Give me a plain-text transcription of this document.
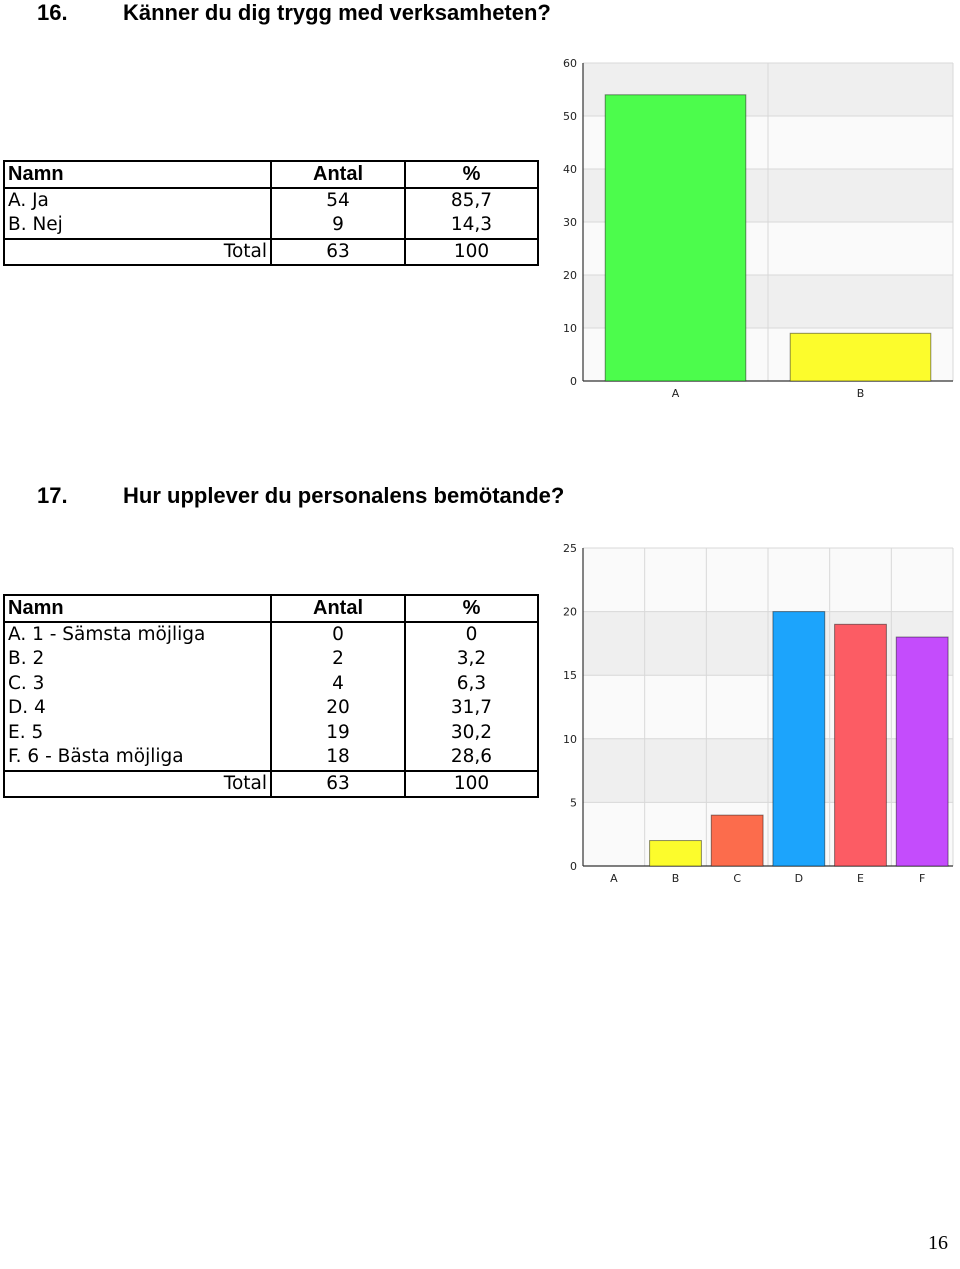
16.	Känner du dig trygg med verksamheten?
Namn	Antal	%
A. Ja	54	85,7
B. Nej	9	14,3
Total	63	100
0
10
20
30
40
50
60
A	B
17.	Hur upplever du personalens bemötande?
Namn	Antal	%
A. 1 - Sämsta möjliga	0	0
B. 2	2	3,2
C. 3	4	6,3
D. 4	20	31,7
E. 5	19	30,2
F. 6 - Bästa möjliga	18	28,6
Total	63	100
0
5
10
15
20
25
A	B	C	D	E	F
16
